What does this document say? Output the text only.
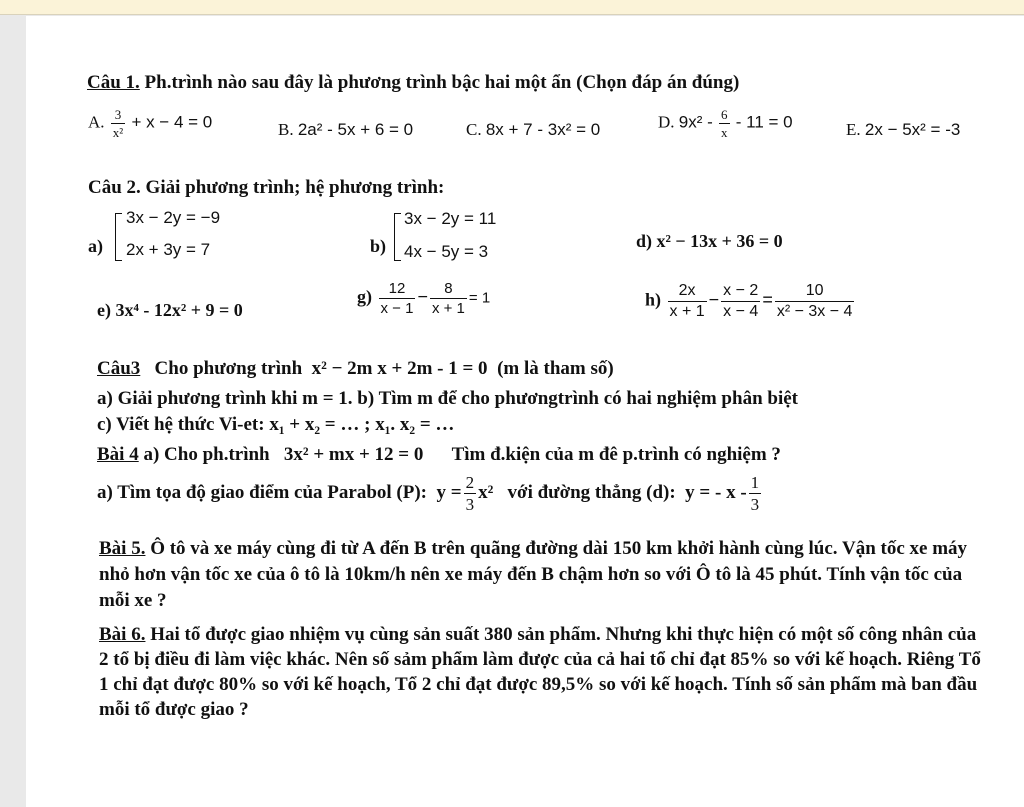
Câu 1. Ph.trình nào sau đây là phương trình bậc hai một ẩn (Chọn đáp án đúng)
A. $\frac{3}{\text{x²}} + x - 4 = 0$	B. 2a² - 5x + 6 = 0	C. 8x + 7 - 3x² = 0	D. $9x^2 - \frac{6}{x} - 11 = 0$	E. 2x − 5x² = -3
Câu 2. Giải phương trình; hệ phương trình:
a)
3x − 2y = −9
2x + 3y = 7	b)
3x − 2y = 11
4x − 5y = 3
d) x² − 13x + 36 = 0
e) 3x⁴ - 12x² + 9 = 0
$g) \frac{12}{x - 1} - \frac{8}{x + 1} = 1$	$h) \frac{2x}{x + 1} - \frac{x - 2}{x - 4} = \frac{10}{\text{x² − 3x − 4}}$
Câu3 Cho phương trình x² − 2m x + 2m - 1 = 0 (m là tham số)
a) Giải phương trình khi m = 1. b) Tìm m để cho phươngtrình có hai nghiệm phân biệt
c) Viết hệ thức Vi-et: x₁ + x₂ = … ; x₁. x₂ = …
Bài 4 a) Cho ph.trình 3x² + mx + 12 = 0 Tìm đ.kiện của m đê p.trình có nghiệm ?
a) Tìm tọa độ giao điểm của Parabol (P): $y = \frac{2}{3} x^2$ với đường thẳng (d): y = - x - $\frac{1}{3}$
Bài 5. Ô tô và xe máy cùng đi từ A đến B trên quãng đường dài 150 km khởi hành cùng lúc. Vận tốc xe máy nhỏ hơn vận tốc xe của ô tô là 10km/h nên xe máy đến B chậm hơn so với Ô tô là 45 phút. Tính vận tốc của mỗi xe ?
Bài 6. Hai tổ được giao nhiệm vụ cùng sản suất 380 sản phẩm. Nhưng khi thực hiện có một số công nhân của 2 tổ bị điều đi làm việc khác. Nên số sảm phẩm làm được của cả hai tổ chỉ đạt 85% so với kế hoạch. Riêng Tổ 1 chỉ đạt được 80% so với kế hoạch, Tổ 2 chỉ đạt được 89,5% so với kế hoạch. Tính số sản phẩm mà ban đầu mỗi tổ được giao ?
